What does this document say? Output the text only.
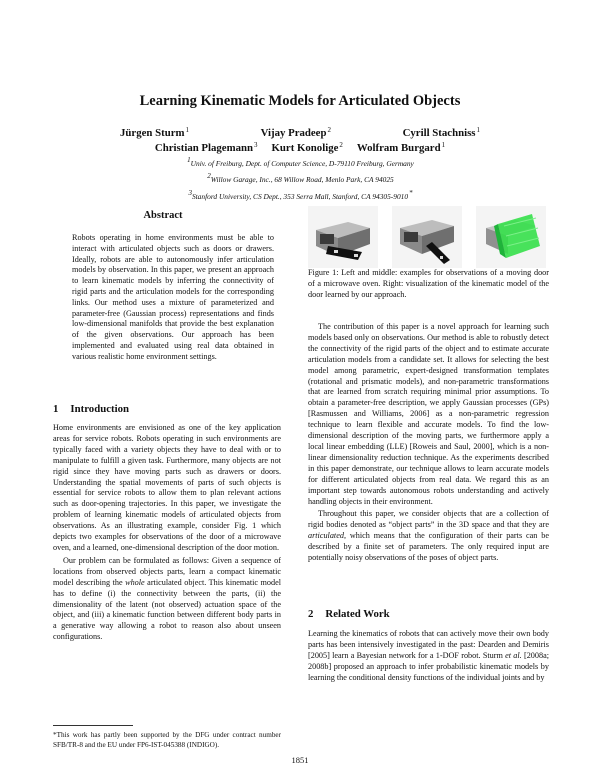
Learning Kinematic Models for Articulated Objects
Jürgen Sturm$^1$	Vijay Pradeep$^2$	Cyrill Stachniss$^1$
Christian Plagemann$^3$ Kurt Konolige$^2$ Wolfram Burgard$^1$
$^1$Univ. of Freiburg, Dept. of Computer Science, D-79110 Freiburg, Germany
$^2$Willow Garage, Inc., 68 Willow Road, Menlo Park, CA 94025
$^3$Stanford University, CS Dept., 353 Serra Mall, Stanford, CA 94305-9010*
Abstract
Robots operating in home environments must be able to interact with articulated objects such as doors or drawers. Ideally, robots are able to autonomously infer articulation models by observation. In this paper, we present an approach to learn kinematic models by inferring the connectivity of rigid parts and the articulation models for the corresponding links. Our method uses a mixture of parameterized and parameter-free (Gaussian process) representations and finds low-dimensional manifolds that provide the best explanation of the given observations. Our approach has been implemented and evaluated using real data obtained in various realistic home environment settings.
1 Introduction

Home environments are envisioned as one of the key application areas for service robots. Robots operating in such environments are typically faced with a variety objects they have to deal with or to manipulate to fulfill a given task. Furthermore, many objects are not rigid since they have moving parts such as drawers or doors. Understanding the spatial movements of parts of such objects is essential for service robots to allow them to plan relevant actions such as door-opening trajectories. In this paper, we investigate the problem of learning kinematic models of articulated objects from observations. As an illustrating example, consider Fig. 1 which depicts two examples for observations of the door of a microwave oven, and a learned, one-dimensional description of the door motion.

Our problem can be formulated as follows: Given a sequence of locations from observed objects parts, learn a compact kinematic model describing the whole articulated object. This kinematic model has to define (i) the connectivity between the parts, (ii) the dimensionality of the latent (not observed) actuation space of the object, and (iii) a kinematic function between different body parts in a generative way allowing a robot to reason also about unseen configurations.

*This work has partly been supported by the DFG under contract number SFB/TR-8 and the EU under FP6-IST-045388 (INDIGO).
Figure 1: Left and middle: examples for observations of a moving door of a microwave oven. Right: visualization of the kinematic model of the door learned by our approach.

The contribution of this paper is a novel approach for learning such models based only on observations. Our method is able to robustly detect the connectivity of the rigid parts of the object and to estimate accurate articulation models from a candidate set. It allows for selecting the best model among parametric, expert-designed transformation templates (rotational and prismatic models), and non-parametric transformations that are learned from scratch requiring minimal prior assumptions. To obtain a parameter-free description, we apply Gaussian processes (GPs) [Rasmussen and Williams, 2006] as a non-parametric regression technique to learn flexible and accurate models. To find the low-dimensional description of the moving parts, we furthermore apply a local linear embedding (LLE) [Roweis and Saul, 2000], which is a non-linear dimensionality reduction technique. As the experiments described in this paper demonstrate, our technique allows to learn accurate models for different articulated objects from real data. We regard this as an important step towards autonomous robots understanding and actively handling objects in their environment.

Throughout this paper, we consider objects that are a collection of rigid bodies denoted as “object parts” in the 3D space and that they are articulated, which means that the configuration of their parts can be described by a finite set of parameters. The only required input are potentially noisy observations of the poses of object parts.

2 Related Work

Learning the kinematics of robots that can actively move their own body parts has been intensively investigated in the past: Dearden and Demiris [2005] learn a Bayesian network for a 1-DOF robot. Sturm et al. [2008a; 2008b] proposed an approach to infer probabilistic kinematic models by learning the conditional density functions of the individual joints and by

1851
